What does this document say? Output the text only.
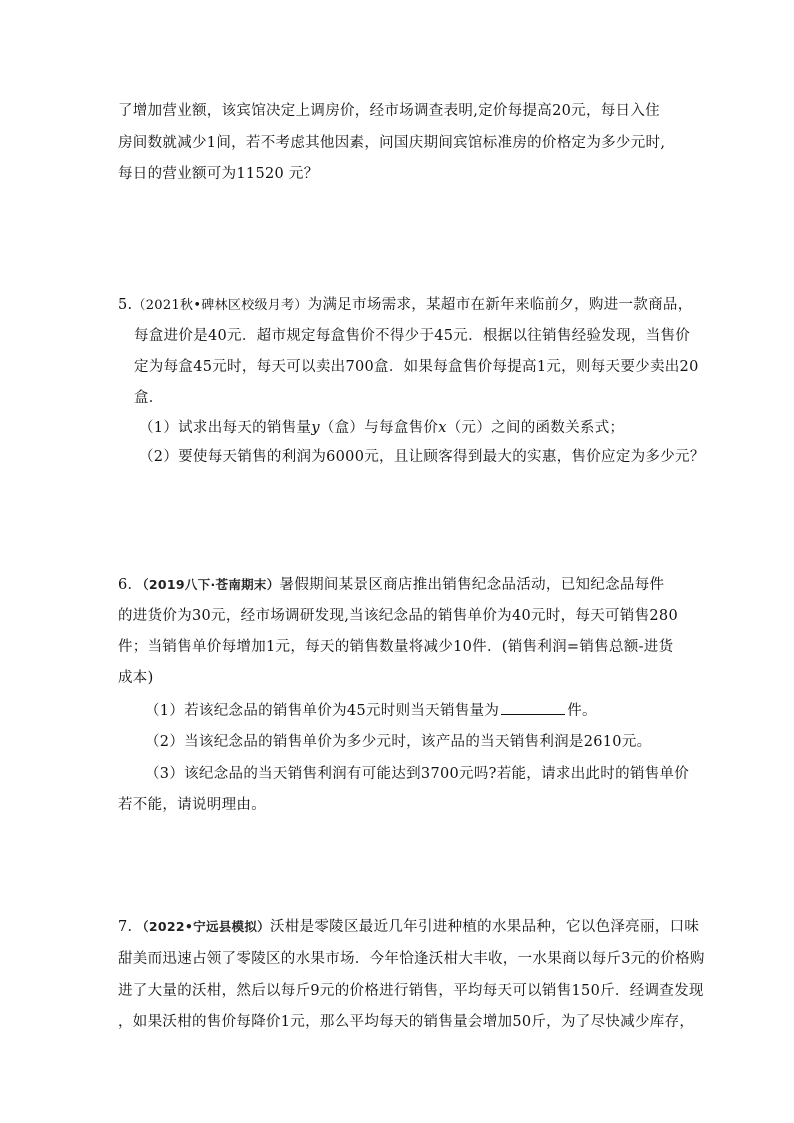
了增加营业额，该宾馆决定上调房价，经市场调查表明,定价每提高20元，每日入住
房间数就减少1间，若不考虑其他因素，问国庆期间宾馆标准房的价格定为多少元时,
每日的营业额可为11520 元？
5.（2021秋•碑林区校级月考）为满足市场需求，某超市在新年来临前夕，购进一款商品，
每盒进价是40元．超市规定每盒售价不得少于45元．根据以往销售经验发现，当售价
定为每盒45元时，每天可以卖出700盒．如果每盒售价每提高1元，则每天要少卖出20
盒．
（1）试求出每天的销售量y（盒）与每盒售价x（元）之间的函数关系式；
（2）要使每天销售的利润为6000元，且让顾客得到最大的实惠，售价应定为多少元？
6．（2019八下·苍南期末）暑假期间某景区商店推出销售纪念品活动，已知纪念品每件
的进货价为30元，经市场调研发现,当该纪念品的销售单价为40元时，每天可销售280
件；当销售单价每增加1元，每天的销售数量将减少10件．(销售利润=销售总额-进货
成本)
（1）若该纪念品的销售单价为45元时则当天销售量为	件。
（2）当该纪念品的销售单价为多少元时，该产品的当天销售利润是2610元。
（3）该纪念品的当天销售利润有可能达到3700元吗?若能，请求出此时的销售单价
若不能，请说明理由。
7．（2022•宁远县模拟）沃柑是零陵区最近几年引进种植的水果品种，它以色泽亮丽，口味
甜美而迅速占领了零陵区的水果市场．今年恰逢沃柑大丰收，一水果商以每斤3元的价格购
进了大量的沃柑，然后以每斤9元的价格进行销售，平均每天可以销售150斤．经调查发现
，如果沃柑的售价每降价1元，那么平均每天的销售量会增加50斤，为了尽快减少库存，
